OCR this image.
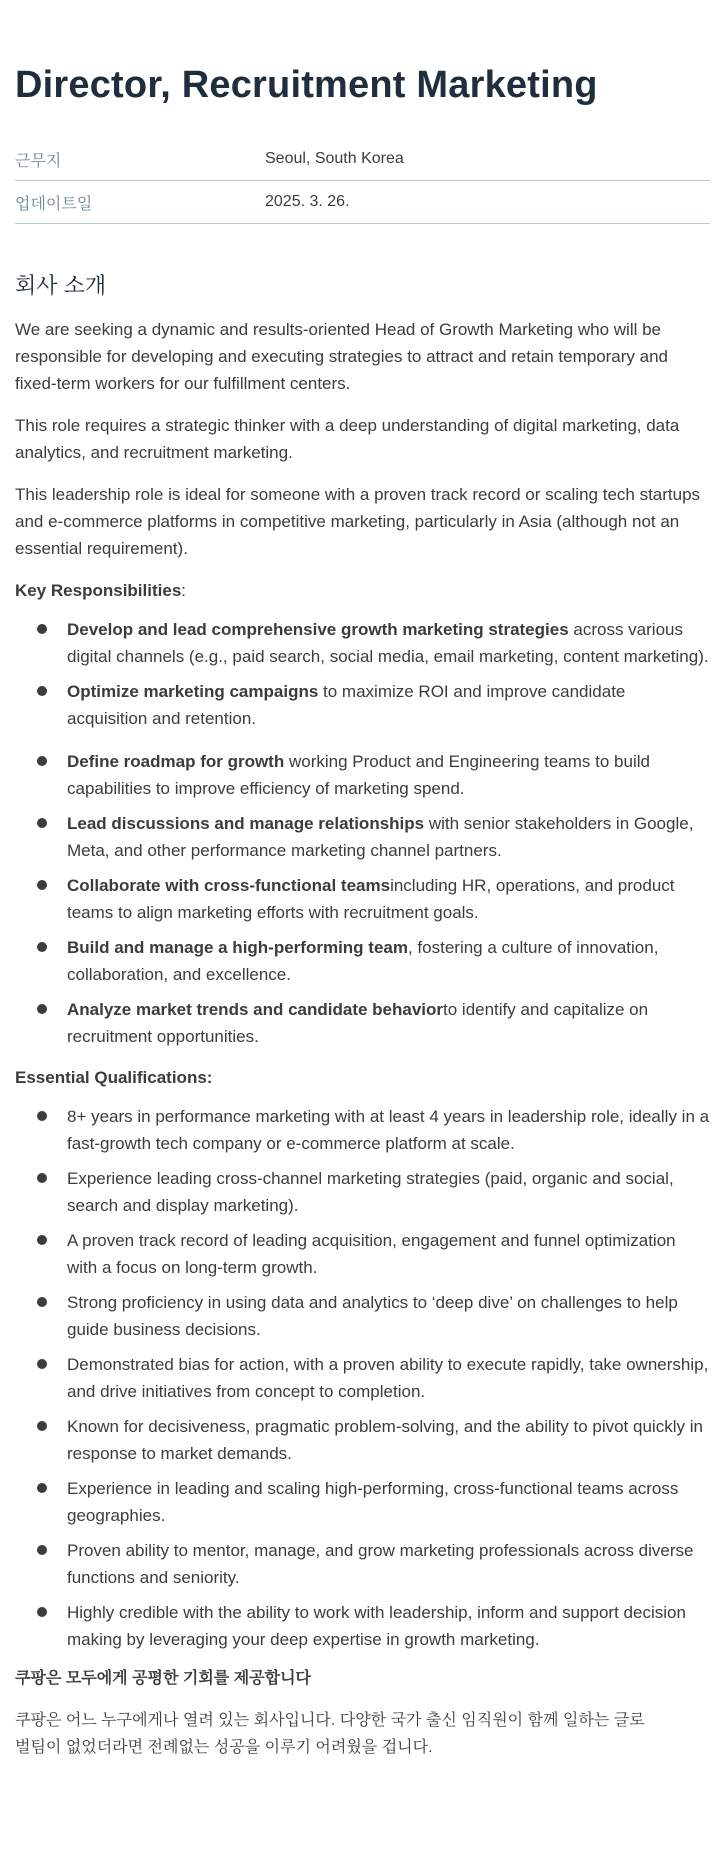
Director, Recruitment Marketing
근무지	Seoul, South Korea
업데이트일	2025. 3. 26.
회사 소개

We are seeking a dynamic and results-oriented Head of Growth Marketing who will be responsible for developing and executing strategies to attract and retain temporary and fixed-term workers for our fulfillment centers.

This role requires a strategic thinker with a deep understanding of digital marketing, data analytics, and recruitment marketing.

This leadership role is ideal for someone with a proven track record or scaling tech startups and e-commerce platforms in competitive marketing, particularly in Asia (although not an essential requirement).

Key Responsibilities:
Develop and lead comprehensive growth marketing strategies across various digital channels (e.g., paid search, social media, email marketing, content marketing).
Optimize marketing campaigns to maximize ROI and improve candidate acquisition and retention.
Define roadmap for growth working Product and Engineering teams to build capabilities to improve efficiency of marketing spend.
Lead discussions and manage relationships with senior stakeholders in Google, Meta, and other performance marketing channel partners.
Collaborate with cross-functional teamsincluding HR, operations, and product teams to align marketing efforts with recruitment goals.
Build and manage a high-performing team, fostering a culture of innovation, collaboration, and excellence.
Analyze market trends and candidate behaviorto identify and capitalize on recruitment opportunities.
Essential Qualifications:
8+ years in performance marketing with at least 4 years in leadership role, ideally in a fast-growth tech company or e-commerce platform at scale.
Experience leading cross-channel marketing strategies (paid, organic and social, search and display marketing).
A proven track record of leading acquisition, engagement and funnel optimization with a focus on long-term growth.
Strong proficiency in using data and analytics to ‘deep dive’ on challenges to help guide business decisions.
Demonstrated bias for action, with a proven ability to execute rapidly, take ownership, and drive initiatives from concept to completion.
Known for decisiveness, pragmatic problem-solving, and the ability to pivot quickly in response to market demands.
Experience in leading and scaling high-performing, cross-functional teams across geographies.
Proven ability to mentor, manage, and grow marketing professionals across diverse functions and seniority.
Highly credible with the ability to work with leadership, inform and support decision making by leveraging your deep expertise in growth marketing.
쿠팡은 모두에게 공평한 기회를 제공합니다
쿠팡은 어느 누구에게나 열려 있는 회사입니다. 다양한 국가 출신 임직원이 함께 일하는 글로벌팀이 없었더라면 전례없는 성공을 이루기 어려웠을 겁니다.
